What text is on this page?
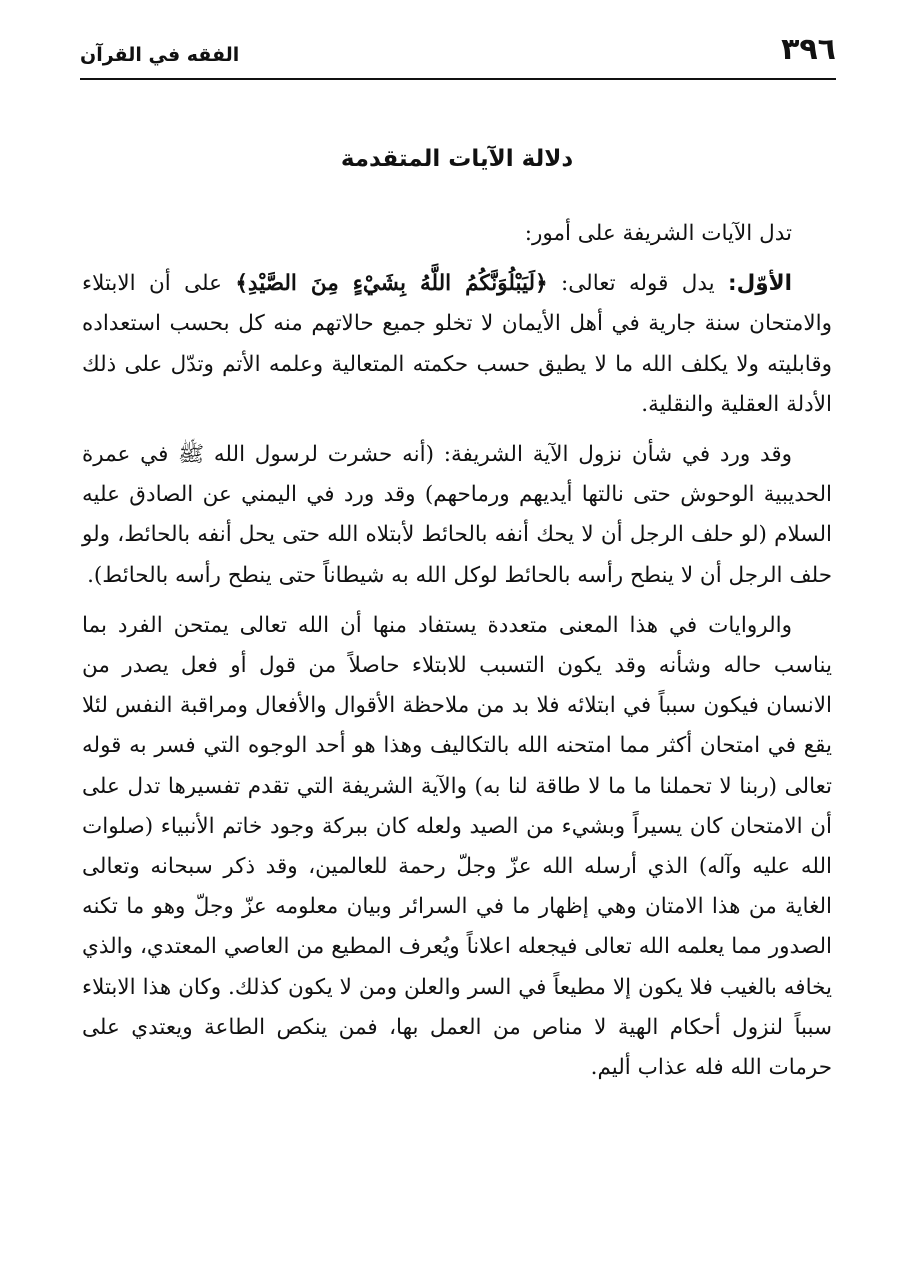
٣٩٦
الفقه في القرآن
دلالة الآيات المتقدمة

تدل الآيات الشريفة على أمور:

الأوّل: يدل قوله تعالى: ﴿لَيَبْلُوَنَّكُمُ اللَّهُ بِشَيْءٍ مِنَ الصَّيْدِ﴾ على أن الابتلاء والامتحان سنة جارية في أهل الأيمان لا تخلو جميع حالاتهم منه كل بحسب استعداده وقابليته ولا يكلف الله ما لا يطيق حسب حكمته المتعالية وعلمه الأتم وتدّل على ذلك الأدلة العقلية والنقلية.

وقد ورد في شأن نزول الآية الشريفة: (أنه حشرت لرسول الله ﷺ في عمرة الحديبية الوحوش حتى نالتها أيديهم ورماحهم) وقد ورد في اليمني عن الصادق عليه السلام (لو حلف الرجل أن لا يحك أنفه بالحائط لأبتلاه الله حتى يحل أنفه بالحائط، ولو حلف الرجل أن لا ينطح رأسه بالحائط لوكل الله به شيطاناً حتى ينطح رأسه بالحائط).

والروايات في هذا المعنى متعددة يستفاد منها أن الله تعالى يمتحن الفرد بما يناسب حاله وشأنه وقد يكون التسبب للابتلاء حاصلاً من قول أو فعل يصدر من الانسان فيكون سبباً في ابتلائه فلا بد من ملاحظة الأقوال والأفعال ومراقبة النفس لئلا يقع في امتحان أكثر مما امتحنه الله بالتكاليف وهذا هو أحد الوجوه التي فسر به قوله تعالى (ربنا لا تحملنا ما ما لا طاقة لنا به) والآية الشريفة التي تقدم تفسيرها تدل على أن الامتحان كان يسيراً وبشيء من الصيد ولعله كان ببركة وجود خاتم الأنبياء (صلوات الله عليه وآله) الذي أرسله الله عزّ وجلّ رحمة للعالمين، وقد ذكر سبحانه وتعالى الغاية من هذا الامتان وهي إظهار ما في السرائر وبيان معلومه عزّ وجلّ وهو ما تكنه الصدور مما يعلمه الله تعالى فيجعله اعلاناً ويُعرف المطيع من العاصي المعتدي، والذي يخافه بالغيب فلا يكون إلا مطيعاً في السر والعلن ومن لا يكون كذلك. وكان هذا الابتلاء سبباً لنزول أحكام الهية لا مناص من العمل بها، فمن ينكص الطاعة ويعتدي على حرمات الله فله عذاب أليم.
